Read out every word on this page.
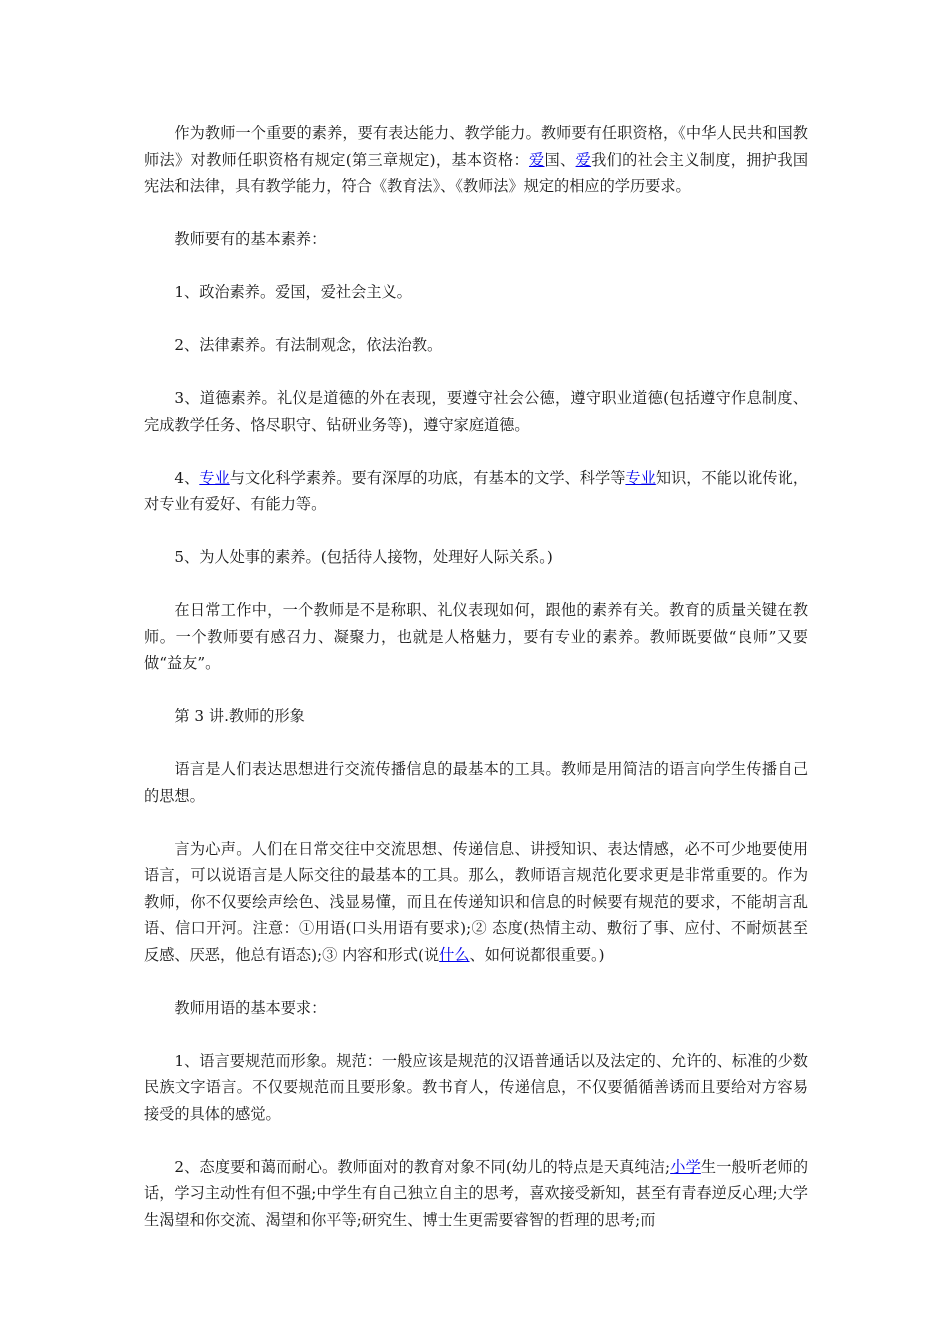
作为教师一个重要的素养，要有表达能力、教学能力。教师要有任职资格，《中华人民共和国教师法》对教师任职资格有规定(第三章规定)，基本资格：爱国、爱我们的社会主义制度，拥护我国宪法和法律，具有教学能力，符合《教育法》、《教师法》规定的相应的学历要求。

教师要有的基本素养：

1、政治素养。爱国，爱社会主义。

2、法律素养。有法制观念，依法治教。

3、道德素养。礼仪是道德的外在表现，要遵守社会公德，遵守职业道德(包括遵守作息制度、完成教学任务、恪尽职守、钻研业务等)，遵守家庭道德。

4、专业与文化科学素养。要有深厚的功底，有基本的文学、科学等专业知识，不能以讹传讹，对专业有爱好、有能力等。

5、为人处事的素养。(包括待人接物，处理好人际关系。)

在日常工作中，一个教师是不是称职、礼仪表现如何，跟他的素养有关。教育的质量关键在教师。一个教师要有感召力、凝聚力，也就是人格魅力，要有专业的素养。教师既要做“良师”又要做“益友”。

第 3 讲.教师的形象

语言是人们表达思想进行交流传播信息的最基本的工具。教师是用简洁的语言向学生传播自己的思想。

言为心声。人们在日常交往中交流思想、传递信息、讲授知识、表达情感，必不可少地要使用语言，可以说语言是人际交往的最基本的工具。那么，教师语言规范化要求更是非常重要的。作为教师，你不仅要绘声绘色、浅显易懂，而且在传递知识和信息的时候要有规范的要求，不能胡言乱语、信口开河。注意：①用语(口头用语有要求);② 态度(热情主动、敷衍了事、应付、不耐烦甚至反感、厌恶，他总有语态);③ 内容和形式(说什么、如何说都很重要。)

教师用语的基本要求：

1、语言要规范而形象。规范：一般应该是规范的汉语普通话以及法定的、允许的、标准的少数民族文字语言。不仅要规范而且要形象。教书育人，传递信息，不仅要循循善诱而且要给对方容易接受的具体的感觉。

2、态度要和蔼而耐心。教师面对的教育对象不同(幼儿的特点是天真纯洁;小学生一般听老师的话，学习主动性有但不强;中学生有自己独立自主的思考，喜欢接受新知，甚至有青春逆反心理;大学生渴望和你交流、渴望和你平等;研究生、博士生更需要睿智的哲理的思考;而
